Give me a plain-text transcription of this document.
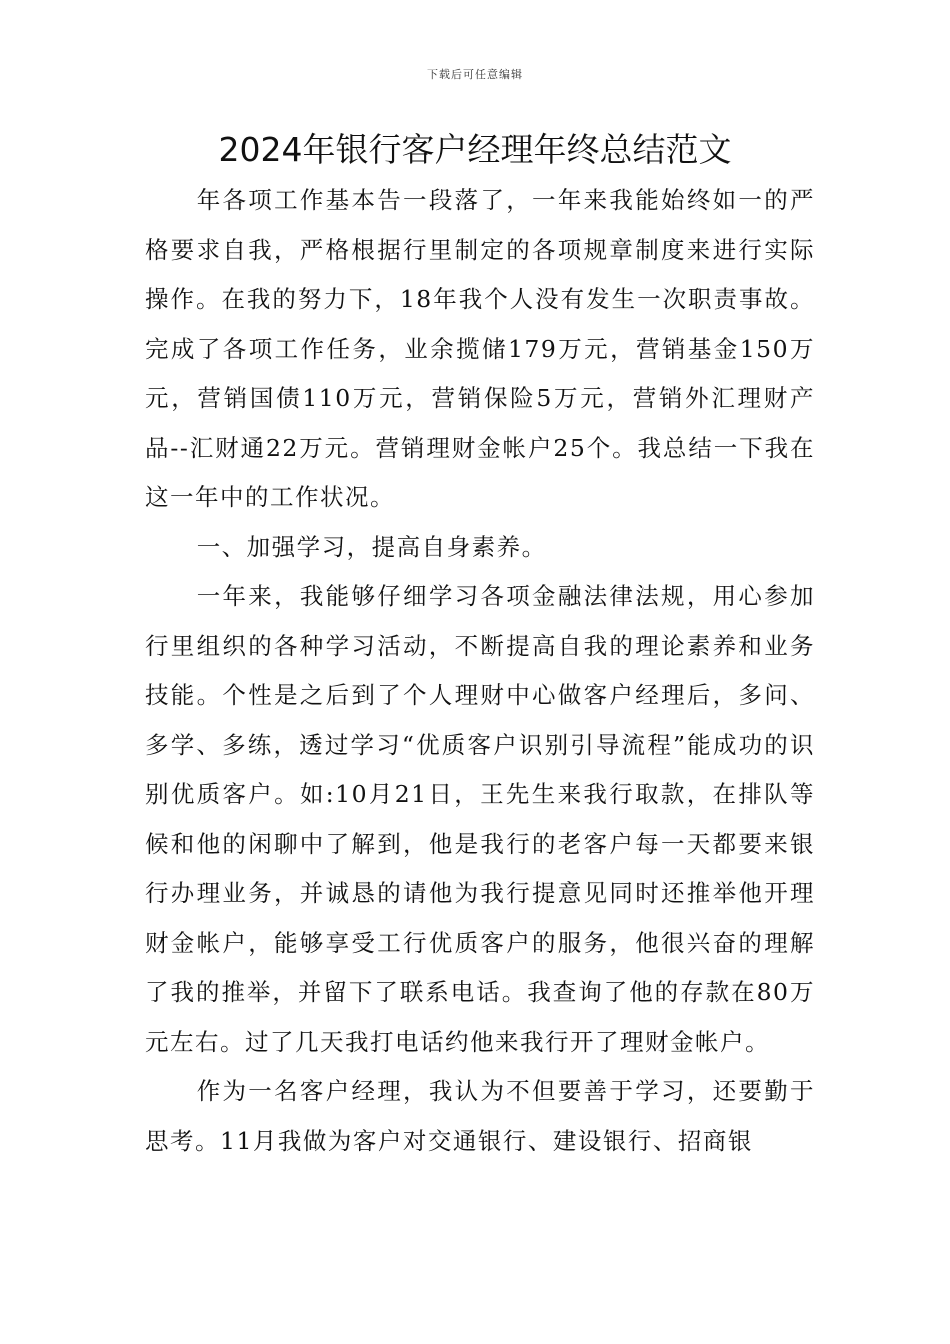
下载后可任意编辑
2024年银行客户经理年终总结范文

年各项工作基本告一段落了，一年来我能始终如一的严格要求自我，严格根据行里制定的各项规章制度来进行实际操作。在我的努力下，18年我个人没有发生一次职责事故。完成了各项工作任务，业余揽储179万元，营销基金150万元，营销国债110万元，营销保险5万元，营销外汇理财产品--汇财通22万元。营销理财金帐户25个。我总结一下我在这一年中的工作状况。

一、加强学习，提高自身素养。

一年来，我能够仔细学习各项金融法律法规，用心参加行里组织的各种学习活动，不断提高自我的理论素养和业务技能。个性是之后到了个人理财中心做客户经理后，多问、多学、多练，透过学习“优质客户识别引导流程”能成功的识别优质客户。如:10月21日，王先生来我行取款，在排队等候和他的闲聊中了解到，他是我行的老客户每一天都要来银行办理业务，并诚恳的请他为我行提意见同时还推举他开理财金帐户，能够享受工行优质客户的服务，他很兴奋的理解了我的推举，并留下了联系电话。我查询了他的存款在80万元左右。过了几天我打电话约他来我行开了理财金帐户。

作为一名客户经理，我认为不但要善于学习，还要勤于思考。11月我做为客户对交通银行、建设银行、招商银
